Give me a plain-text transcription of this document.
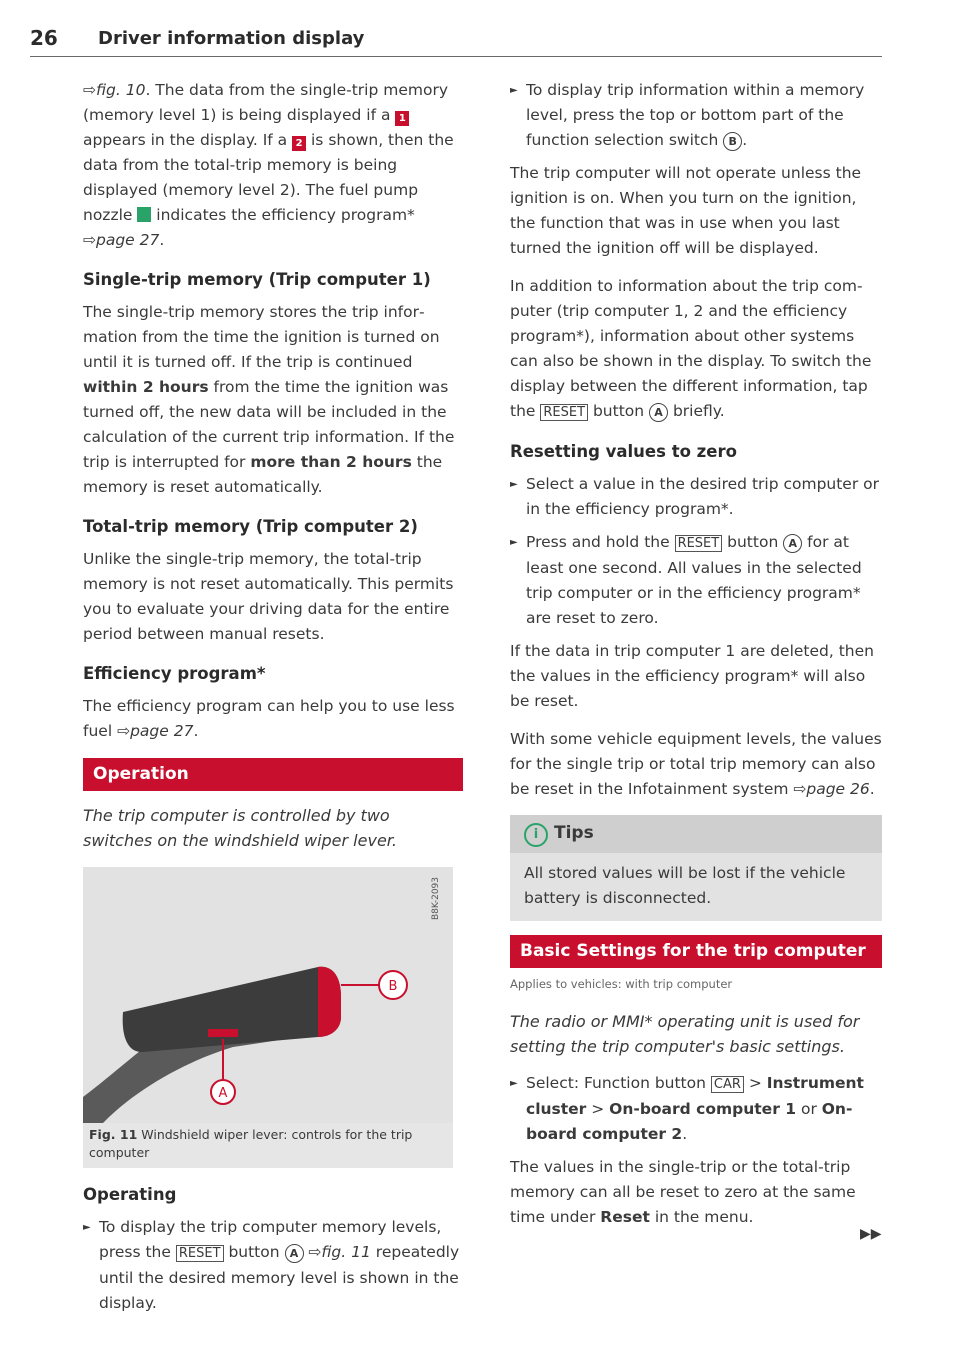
26 Driver information display

⇨fig. 10. The data from the single-trip memory (memory level 1) is being displayed if a 1 appears in the display. If a 2 is shown, then the data from the total-trip memory is being displayed (memory level 2). The fuel pump nozzle  indicates the efficiency program* ⇨page 27.

Single-trip memory (Trip computer 1)

The single-trip memory stores the trip information from the time the ignition is turned on until it is turned off. If the trip is continued within 2 hours from the time the ignition was turned off, the new data will be included in the calculation of the current trip information. If the trip is interrupted for more than 2 hours the memory is reset automatically.

Total-trip memory (Trip computer 2)

Unlike the single-trip memory, the total-trip memory is not reset automatically. This permits you to evaluate your driving data for the entire period between manual resets.

Efficiency program*

The efficiency program can help you to use less fuel ⇨page 27.

Operation

The trip computer is controlled by two switches on the windshield wiper lever.

B
A
B8K-2093
Fig. 11 Windshield wiper lever: controls for the trip computer
Operating

► To display the trip computer memory levels, press the RESET button A ⇨fig. 11 repeatedly until the desired memory level is shown in the display.

► To display trip information within a memory level, press the top or bottom part of the function selection switch B .

The trip computer will not operate unless the ignition is on. When you turn on the ignition, the function that was in use when you last turned the ignition off will be displayed.

In addition to information about the trip computer (trip computer 1, 2 and the efficiency program*), information about other systems can also be shown in the display. To switch the display between the different information, tap the RESET button A briefly.

Resetting values to zero

► Select a value in the desired trip computer or in the efficiency program*.

► Press and hold the RESET button A for at least one second. All values in the selected trip computer or in the efficiency program* are reset to zero.

If the data in trip computer 1 are deleted, then the values in the efficiency program* will also be reset.

With some vehicle equipment levels, the values for the single trip or total trip memory can also be reset in the Infotainment system ⇨page 26.

i Tips
All stored values will be lost if the vehicle battery is disconnected.
Basic Settings for the trip computer
Applies to vehicles: with trip computer

The radio or MMI* operating unit is used for setting the trip computer's basic settings.

► Select: Function button CAR > Instrument cluster > On-board computer 1 or On-board computer 2.

The values in the single-trip or the total-trip memory can all be reset to zero at the same time under Reset in the menu.

▶▶
